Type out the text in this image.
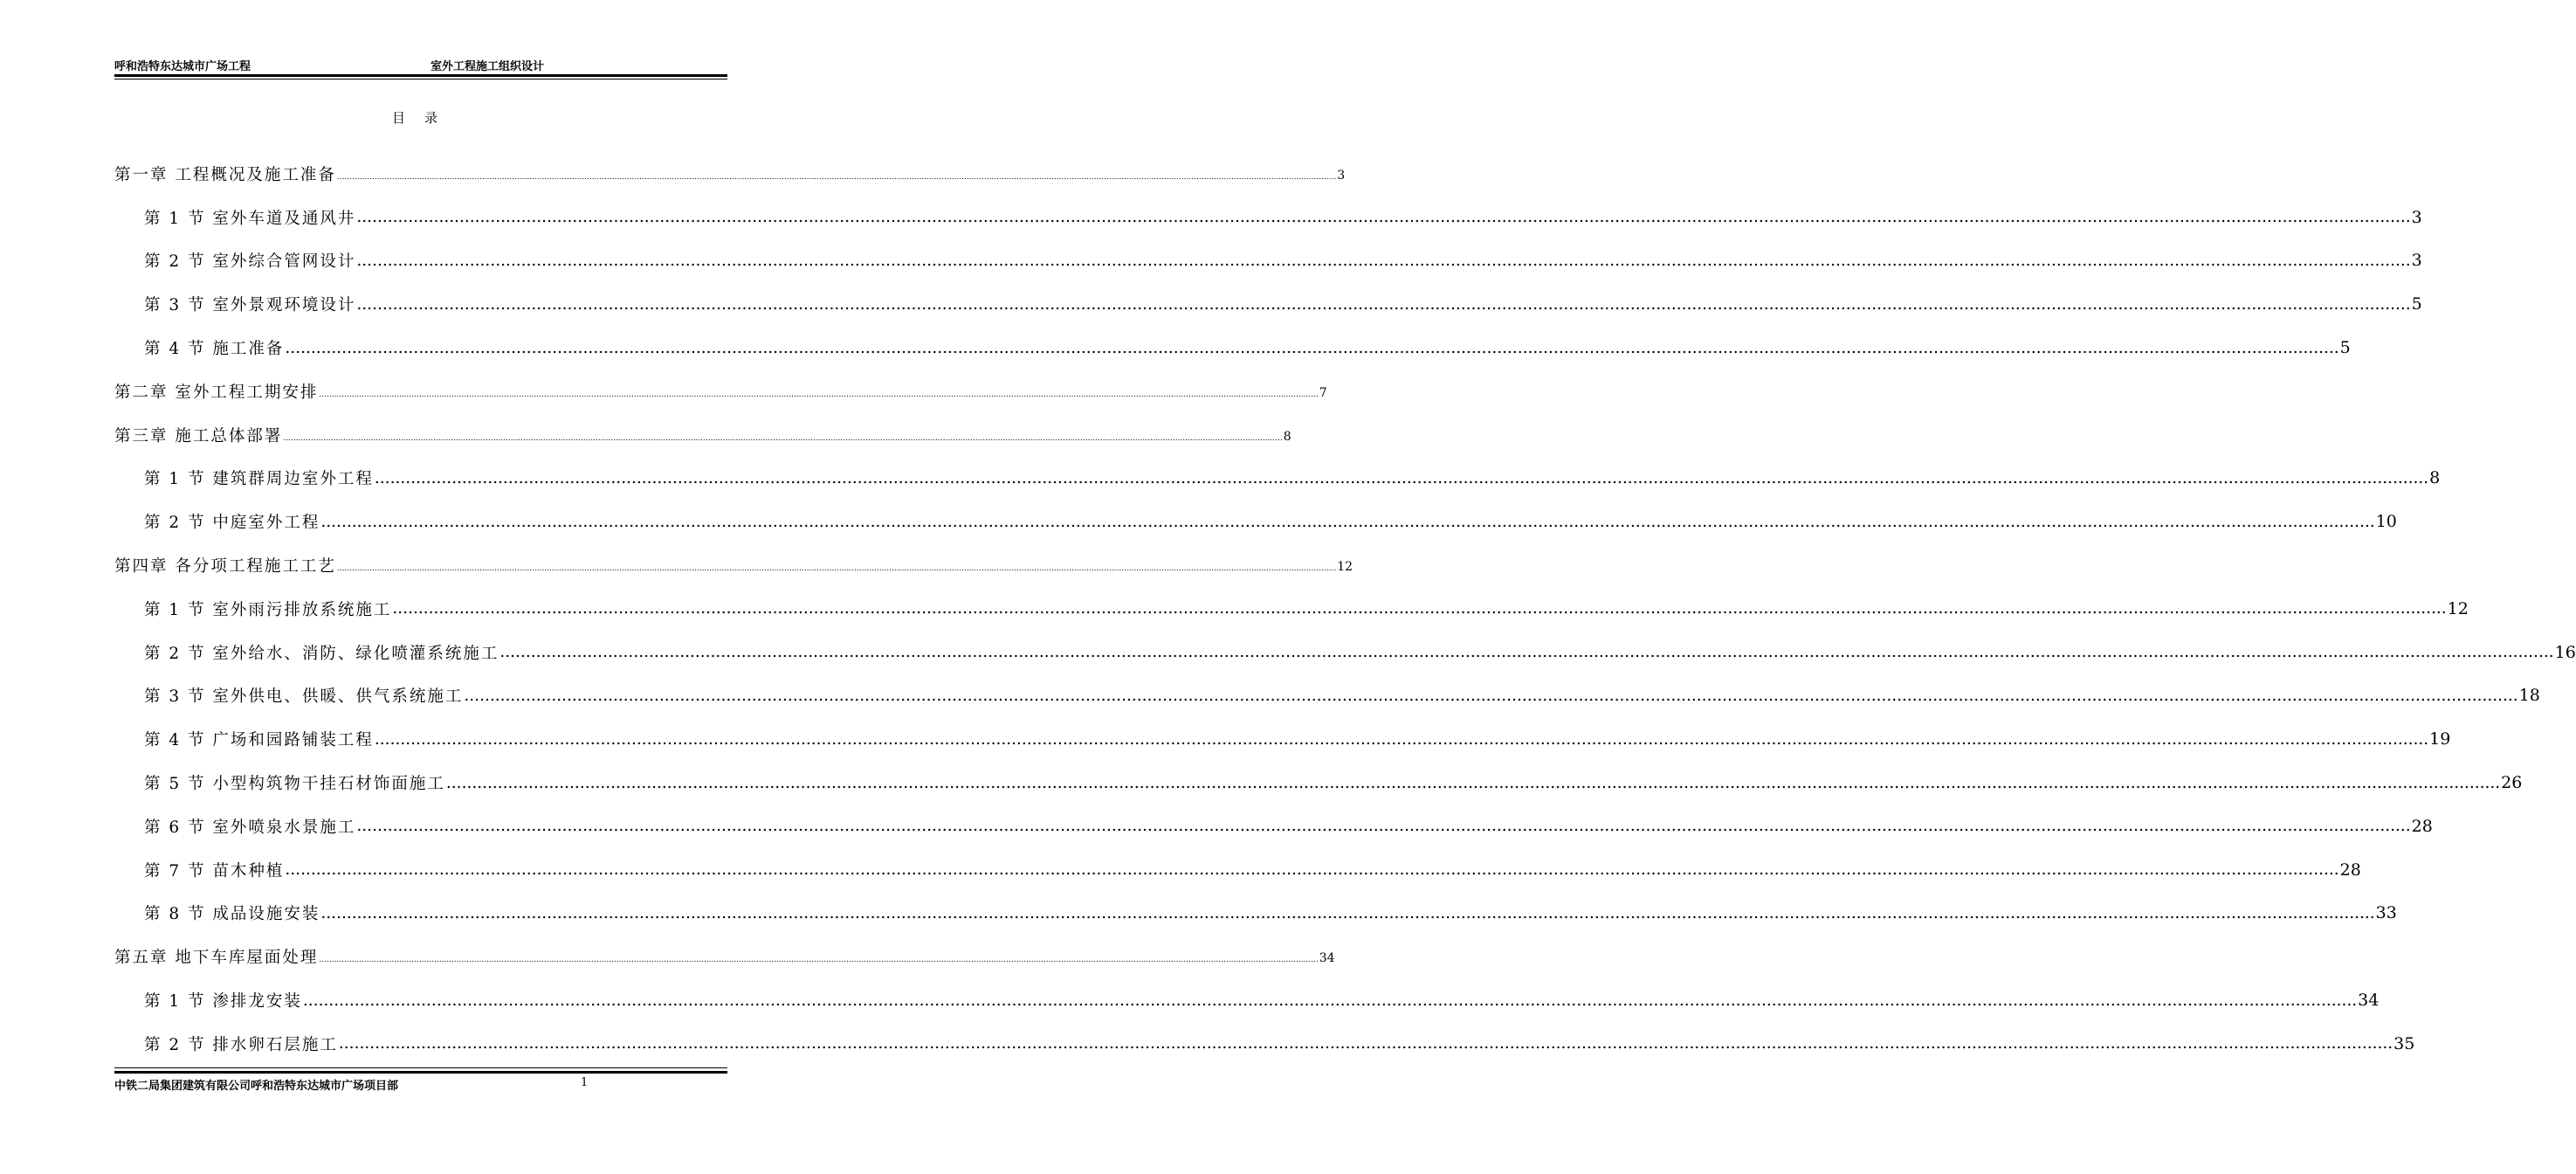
呼和浩特东达城市广场工程	室外工程施工组织设计
目录
第一章 工程概况及施工准备 ................................................................................................................................................................................................................................................................................................................................................................................................................ 3
第 1 节 室外车道及通风井 ................................................................................................................................................................................................................................................................................................................................................................................................................ 3
第 2 节 室外综合管网设计 ................................................................................................................................................................................................................................................................................................................................................................................................................ 3
第 3 节 室外景观环境设计 ................................................................................................................................................................................................................................................................................................................................................................................................................ 5
第 4 节 施工准备 ................................................................................................................................................................................................................................................................................................................................................................................................................ 5
第二章 室外工程工期安排 ................................................................................................................................................................................................................................................................................................................................................................................................................ 7
第三章 施工总体部署 ................................................................................................................................................................................................................................................................................................................................................................................................................ 8
第 1 节 建筑群周边室外工程 ................................................................................................................................................................................................................................................................................................................................................................................................................ 8
第 2 节 中庭室外工程 ................................................................................................................................................................................................................................................................................................................................................................................................................ 10
第四章 各分项工程施工工艺 ................................................................................................................................................................................................................................................................................................................................................................................................................ 12
第 1 节 室外雨污排放系统施工 ................................................................................................................................................................................................................................................................................................................................................................................................................ 12
第 2 节 室外给水、消防、绿化喷灌系统施工 ................................................................................................................................................................................................................................................................................................................................................................................................................ 16
第 3 节 室外供电、供暖、供气系统施工 ................................................................................................................................................................................................................................................................................................................................................................................................................ 18
第 4 节 广场和园路铺装工程 ................................................................................................................................................................................................................................................................................................................................................................................................................ 19
第 5 节 小型构筑物干挂石材饰面施工 ................................................................................................................................................................................................................................................................................................................................................................................................................ 26
第 6 节 室外喷泉水景施工 ................................................................................................................................................................................................................................................................................................................................................................................................................ 28
第 7 节 苗木种植 ................................................................................................................................................................................................................................................................................................................................................................................................................ 28
第 8 节 成品设施安装 ................................................................................................................................................................................................................................................................................................................................................................................................................ 33
第五章 地下车库屋面处理 ................................................................................................................................................................................................................................................................................................................................................................................................................ 34
第 1 节 渗排龙安装 ................................................................................................................................................................................................................................................................................................................................................................................................................ 34
第 2 节 排水卵石层施工 ................................................................................................................................................................................................................................................................................................................................................................................................................ 35
中铁二局集团建筑有限公司呼和浩特东达城市广场项目部	1
